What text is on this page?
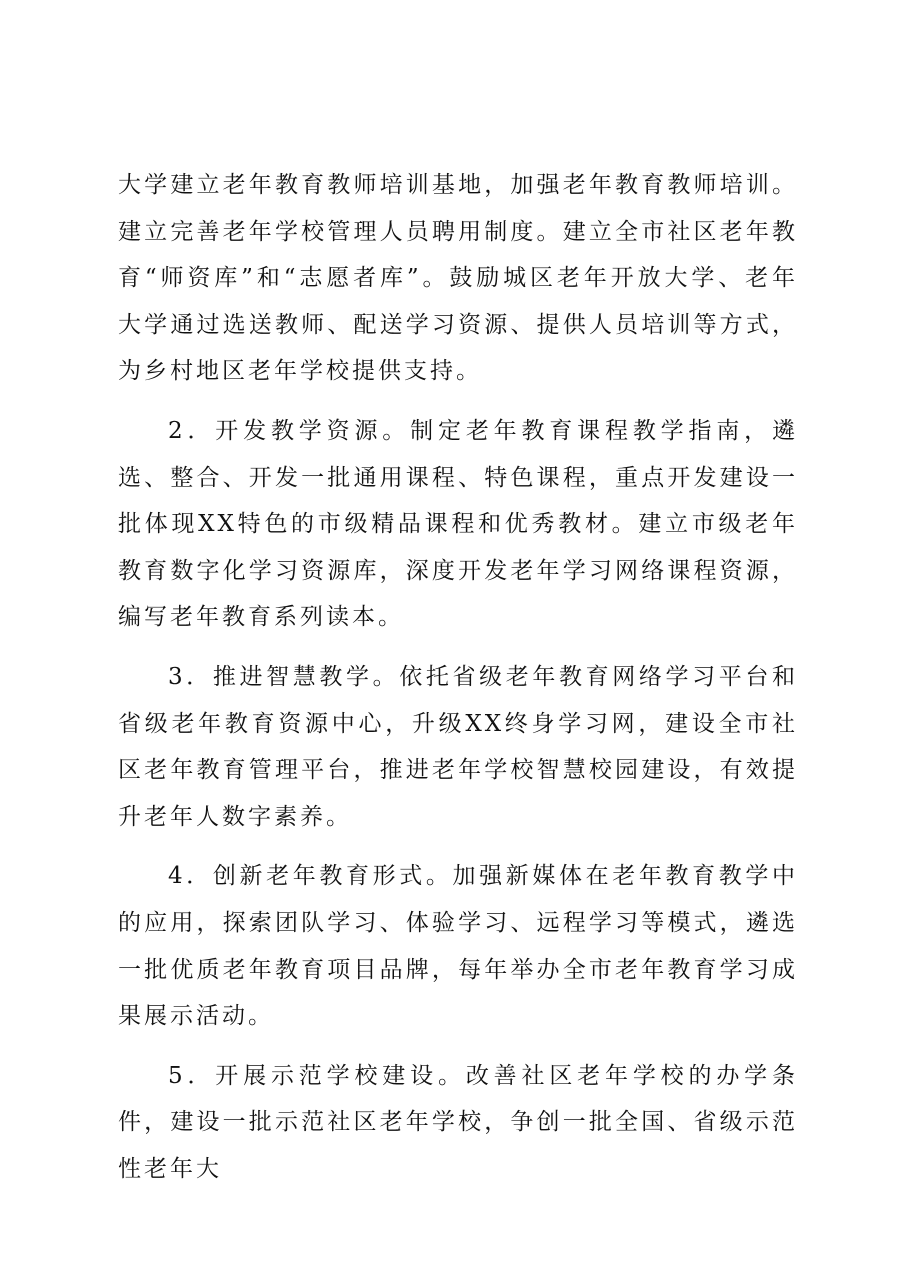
大学建立老年教育教师培训基地，加强老年教育教师培训。建立完善老年学校管理人员聘用制度。建立全市社区老年教育“师资库”和“志愿者库”。鼓励城区老年开放大学、老年大学通过选送教师、配送学习资源、提供人员培训等方式，为乡村地区老年学校提供支持。

2．开发教学资源。制定老年教育课程教学指南，遴选、整合、开发一批通用课程、特色课程，重点开发建设一批体现XX特色的市级精品课程和优秀教材。建立市级老年教育数字化学习资源库，深度开发老年学习网络课程资源，编写老年教育系列读本。

3．推进智慧教学。依托省级老年教育网络学习平台和省级老年教育资源中心，升级XX终身学习网，建设全市社区老年教育管理平台，推进老年学校智慧校园建设，有效提升老年人数字素养。

4．创新老年教育形式。加强新媒体在老年教育教学中的应用，探索团队学习、体验学习、远程学习等模式，遴选一批优质老年教育项目品牌，每年举办全市老年教育学习成果展示活动。

5．开展示范学校建设。改善社区老年学校的办学条件，建设一批示范社区老年学校，争创一批全国、省级示范性老年大
